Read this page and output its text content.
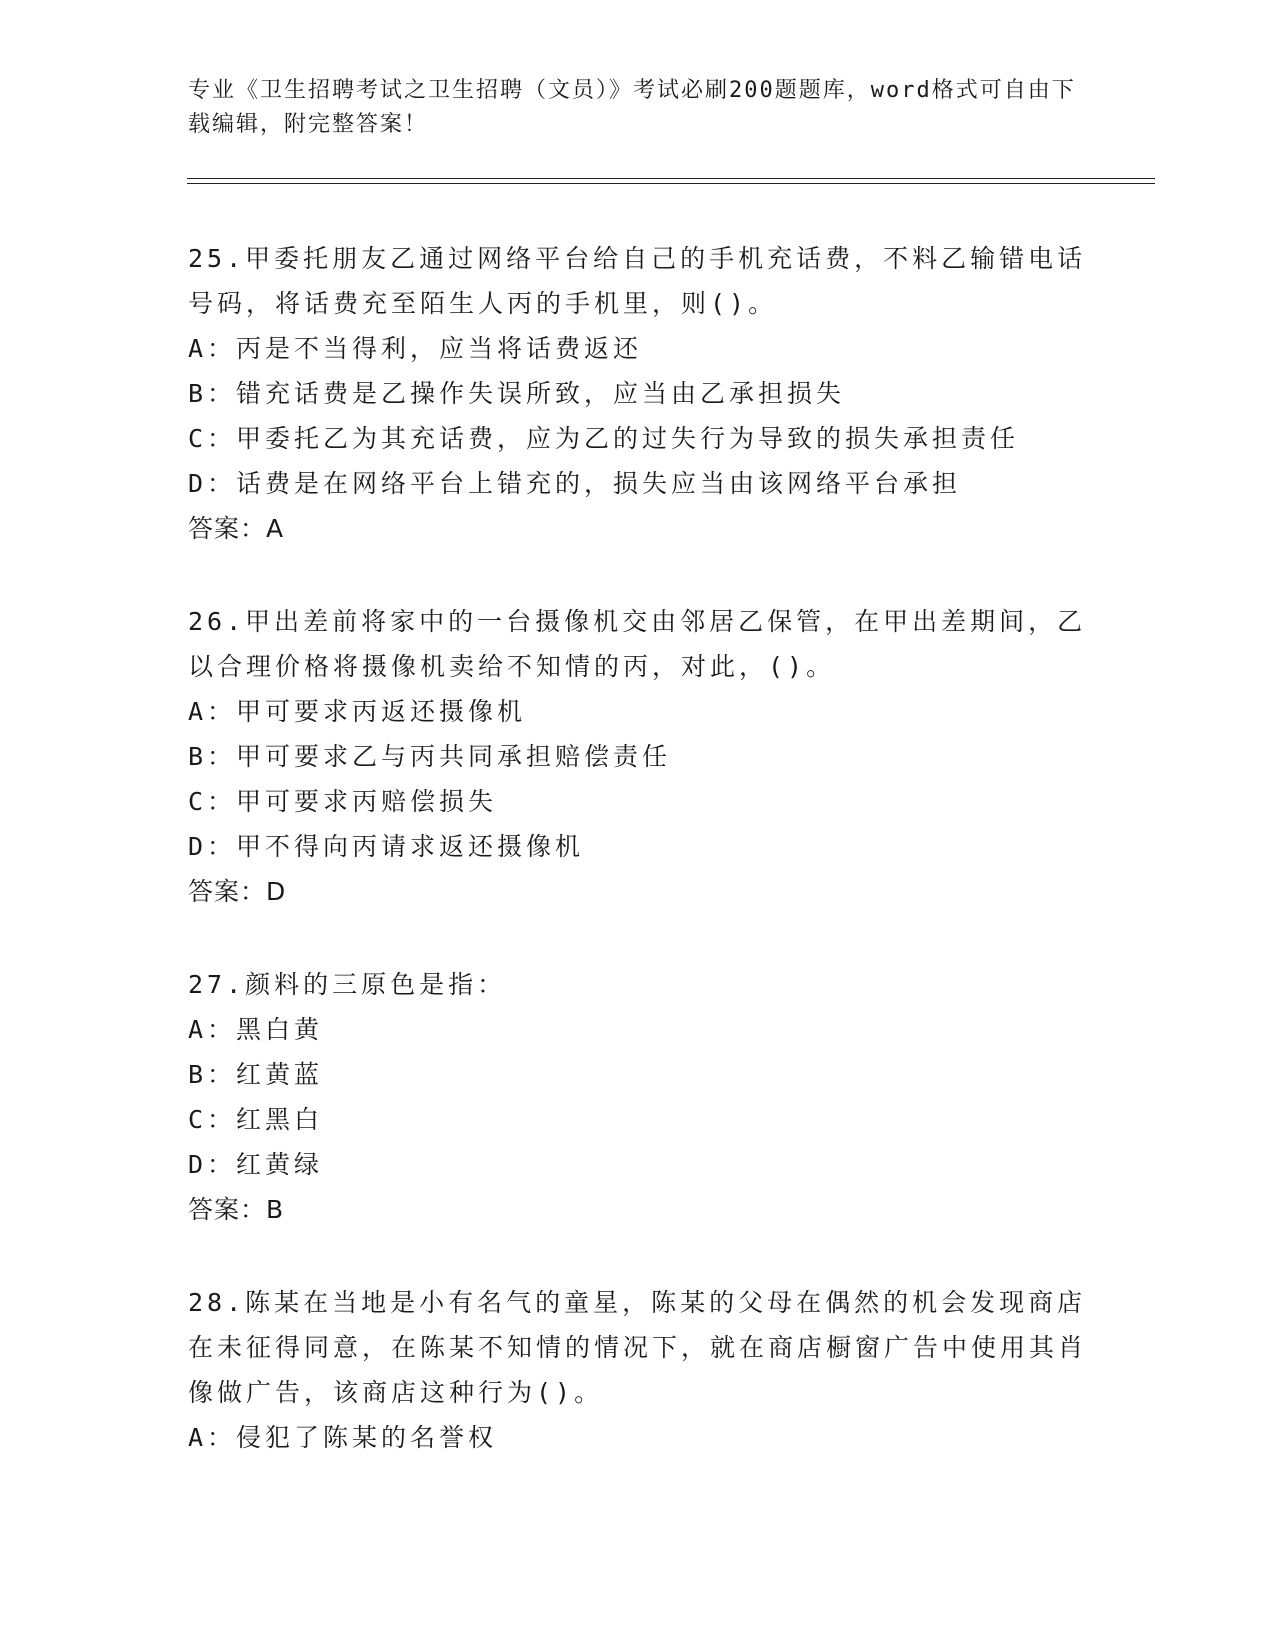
专业《卫生招聘考试之卫生招聘（文员）》考试必刷200题题库，word格式可自由下载编辑，附完整答案！
25.甲委托朋友乙通过网络平台给自己的手机充话费，不料乙输错电话号码，将话费充至陌生人丙的手机里，则()。
A：丙是不当得利，应当将话费返还
B：错充话费是乙操作失误所致，应当由乙承担损失
C：甲委托乙为其充话费，应为乙的过失行为导致的损失承担责任
D：话费是在网络平台上错充的，损失应当由该网络平台承担
答案：A
26.甲出差前将家中的一台摄像机交由邻居乙保管，在甲出差期间，乙以合理价格将摄像机卖给不知情的丙，对此，()。
A：甲可要求丙返还摄像机
B：甲可要求乙与丙共同承担赔偿责任
C：甲可要求丙赔偿损失
D：甲不得向丙请求返还摄像机
答案：D
27.颜料的三原色是指：
A：黑白黄
B：红黄蓝
C：红黑白
D：红黄绿
答案：B
28.陈某在当地是小有名气的童星，陈某的父母在偶然的机会发现商店在未征得同意，在陈某不知情的情况下，就在商店橱窗广告中使用其肖像做广告，该商店这种行为()。
A：侵犯了陈某的名誉权
